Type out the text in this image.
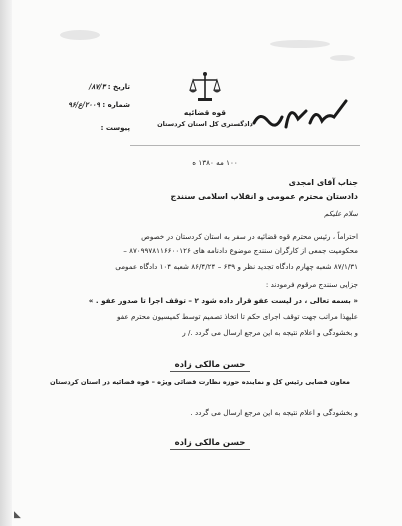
تاریخ : ۸۷/۳/
شماره : ۲۰۰۹/ع/۹۶
پیوست :
قوه قضائیه
دادگستری کل استان کردستان
۱۰۰ مه ۱۳۸۰ ه
جناب آقای امجدی
دادستان محترم عمومی و انقلاب اسلامی سنندج
سلام علیکم
احتراماً ، رئیس محترم قوه قضائیه در سفر به استان کردستان در خصوص
محکومیت جمعی از کارگران سنندج موضوع دادنامه های ۸۷۰۹۹۷۸۱۱۶۶۰۰۱۲۶ –
۸۷/۱/۳۱ شعبه چهارم دادگاه تجدید نظر و ۶۳۹ – ۸۶/۴/۲۴ شعبه ۱۰۴ دادگاه عمومی
جزایی سنندج مرقوم فرمودند :
« بسمه تعالی ، در لیست عفو قرار داده شود ۲ – توقف اجرا تا صدور عفو . »
علیهذا مراتب جهت توقف اجرای حکم تا اتخاذ تصمیم توسط کمیسیون محترم عفو
و بخشودگی و اعلام نتیجه به این مرجع ارسال می گردد ./ ر
حسن مالکی زاده
معاون قضایی رئیس کل و نماینده حوزه نظارت قضائی ویژه – قوه قضائیه در استان کردستان
و بخشودگی و اعلام نتیجه به این مرجع ارسال می گردد .
حسن مالکی زاده
◣
